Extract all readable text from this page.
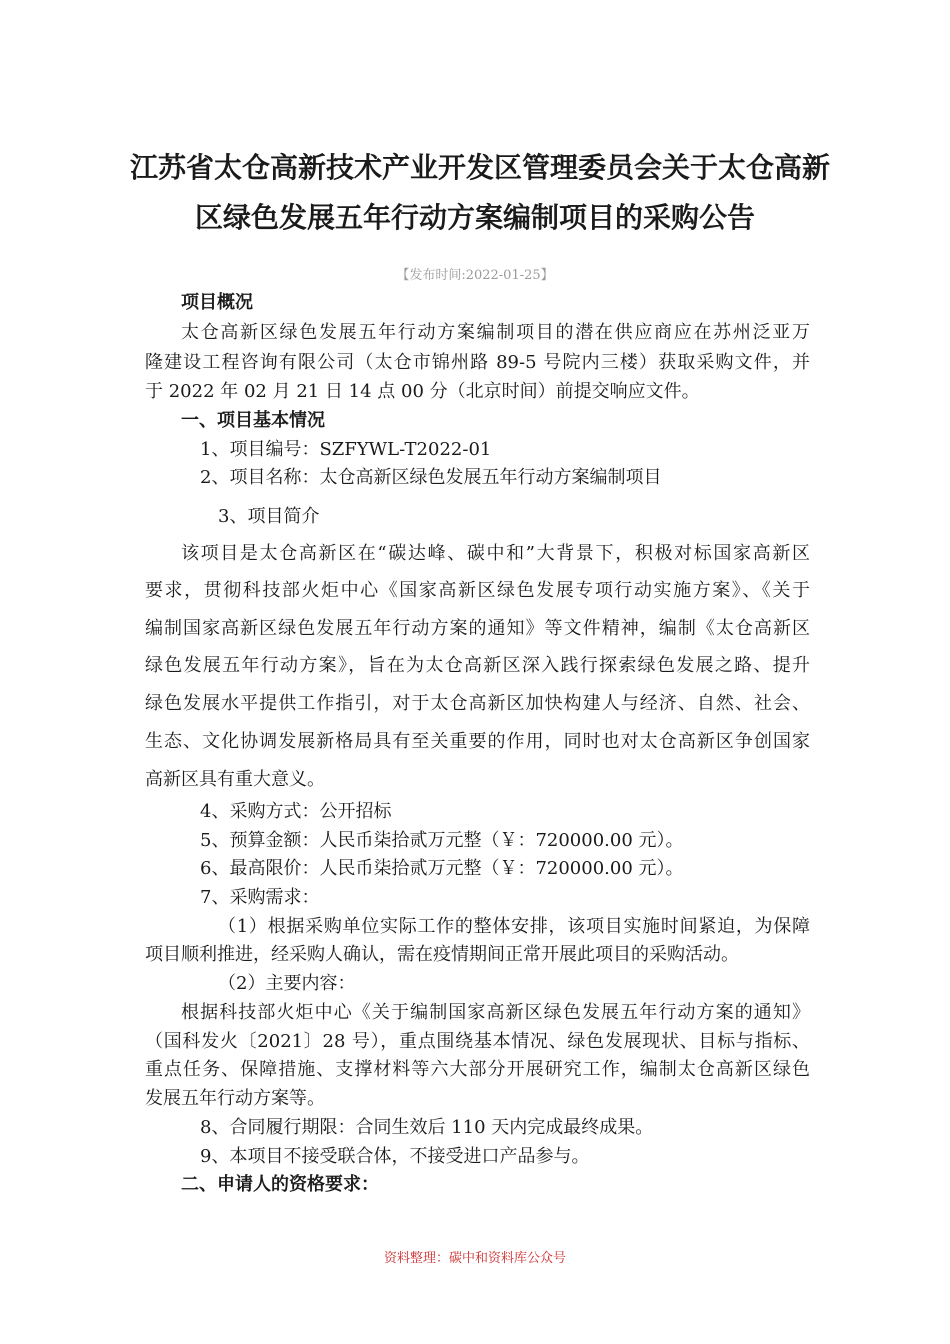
江苏省太仓高新技术产业开发区管理委员会关于太仓高新
区绿色发展五年行动方案编制项目的采购公告
【发布时间:2022-01-25】
项目概况
太仓高新区绿色发展五年行动方案编制项目的潜在供应商应在苏州泛亚万
隆建设工程咨询有限公司（太仓市锦州路 89-5 号院内三楼）获取采购文件，并
于 2022 年 02 月 21 日 14 点 00 分（北京时间）前提交响应文件。
一、项目基本情况
1、项目编号：SZFYWL-T2022-01
2、项目名称：太仓高新区绿色发展五年行动方案编制项目
3、项目简介
该项目是太仓高新区在“碳达峰、碳中和”大背景下，积极对标国家高新区
要求，贯彻科技部火炬中心《国家高新区绿色发展专项行动实施方案》、《关于
编制国家高新区绿色发展五年行动方案的通知》等文件精神，编制《太仓高新区
绿色发展五年行动方案》，旨在为太仓高新区深入践行探索绿色发展之路、提升
绿色发展水平提供工作指引，对于太仓高新区加快构建人与经济、自然、社会、
生态、文化协调发展新格局具有至关重要的作用，同时也对太仓高新区争创国家
高新区具有重大意义。
4、采购方式：公开招标
5、预算金额：人民币柒拾贰万元整（￥：720000.00 元）。
6、最高限价：人民币柒拾贰万元整（￥：720000.00 元）。
7、采购需求：
（1）根据采购单位实际工作的整体安排，该项目实施时间紧迫，为保障
项目顺利推进，经采购人确认，需在疫情期间正常开展此项目的采购活动。
（2）主要内容：
根据科技部火炬中心《关于编制国家高新区绿色发展五年行动方案的通知》
（国科发火〔2021〕28 号），重点围绕基本情况、绿色发展现状、目标与指标、
重点任务、保障措施、支撑材料等六大部分开展研究工作，编制太仓高新区绿色
发展五年行动方案等。
8、合同履行期限：合同生效后 110 天内完成最终成果。
9、本项目不接受联合体，不接受进口产品参与。
二、申请人的资格要求：
资料整理：碳中和资料库公众号
